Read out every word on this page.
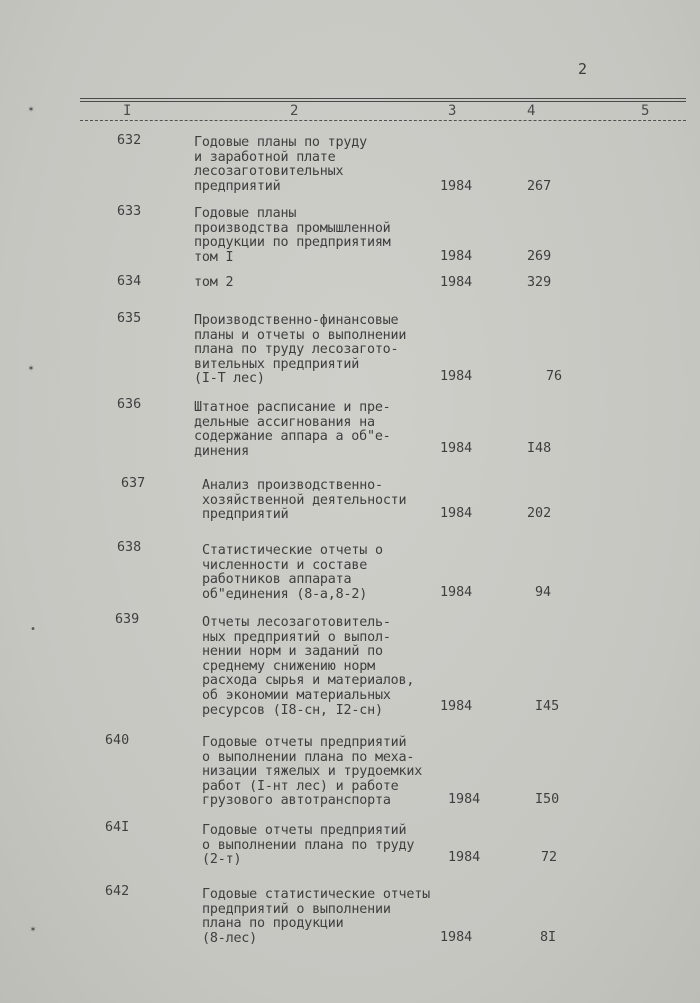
2
I	2	3	4	5
632	Годовые планы по труду
и заработной плате
лесозаготовительных
предприятий	1984	267
633	Годовые планы
производства промышленной
продукции по предприятиям
том I	1984	269
634	том 2	1984	329
635	Производственно-финансовые
планы и отчеты о выполнении
плана по труду лесозагото-
вительных предприятий
(I-Т лес)	1984	76
636	Штатное расписание и пре-
дельные ассигнования на
содержание аппара а об"е-
динения	1984	I48
637	Анализ производственно-
хозяйственной деятельности
предприятий	1984	202
638	Статистические отчеты о
численности и составе
работников аппарата
об"единения (8-а,8-2)	1984	94
639	Отчеты лесозаготовитель-
ных предприятий о выпол-
нении норм и заданий по
среднему снижению норм
расхода сырья и материалов,
об экономии материальных
ресурсов (I8-сн, I2-сн)	1984	I45
640	Годовые отчеты предприятий
о выполнении плана по меха-
низации тяжелых и трудоемких
работ (I-нт лес) и работе
грузового автотранспорта	1984	I50
64I	Годовые отчеты предприятий
о выполнении плана по труду
(2-т)	1984	72
642	Годовые статистические отчеты
предприятий о выполнении
плана по продукции
(8-лес)	1984	8I
✶
✶
•
✶
